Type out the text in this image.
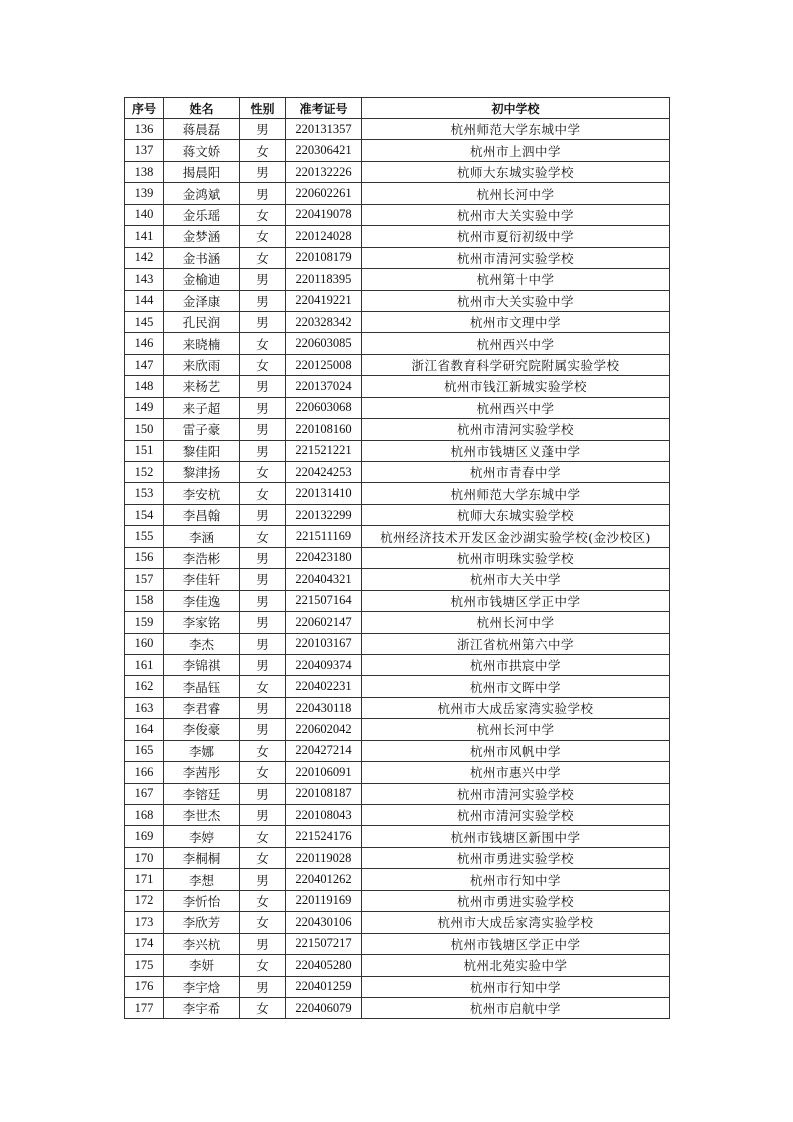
序号	姓名	性别	准考证号	初中学校
136	蒋晨磊	男	220131357	杭州师范大学东城中学
137	蒋文娇	女	220306421	杭州市上泗中学
138	揭晨阳	男	220132226	杭师大东城实验学校
139	金鸿斌	男	220602261	杭州长河中学
140	金乐瑶	女	220419078	杭州市大关实验中学
141	金梦涵	女	220124028	杭州市夏衍初级中学
142	金书涵	女	220108179	杭州市清河实验学校
143	金榆迪	男	220118395	杭州第十中学
144	金泽康	男	220419221	杭州市大关实验中学
145	孔民润	男	220328342	杭州市文理中学
146	来晓楠	女	220603085	杭州西兴中学
147	来欣雨	女	220125008	浙江省教育科学研究院附属实验学校
148	来杨艺	男	220137024	杭州市钱江新城实验学校
149	来子超	男	220603068	杭州西兴中学
150	雷子豪	男	220108160	杭州市清河实验学校
151	黎佳阳	男	221521221	杭州市钱塘区义蓬中学
152	黎津扬	女	220424253	杭州市青春中学
153	李安杭	女	220131410	杭州师范大学东城中学
154	李昌翰	男	220132299	杭师大东城实验学校
155	李涵	女	221511169	杭州经济技术开发区金沙湖实验学校(金沙校区)
156	李浩彬	男	220423180	杭州市明珠实验学校
157	李佳轩	男	220404321	杭州市大关中学
158	李佳逸	男	221507164	杭州市钱塘区学正中学
159	李家铭	男	220602147	杭州长河中学
160	李杰	男	220103167	浙江省杭州第六中学
161	李锦祺	男	220409374	杭州市拱宸中学
162	李晶钰	女	220402231	杭州市文晖中学
163	李君睿	男	220430118	杭州市大成岳家湾实验学校
164	李俊豪	男	220602042	杭州长河中学
165	李娜	女	220427214	杭州市风帆中学
166	李茜彤	女	220106091	杭州市惠兴中学
167	李镕廷	男	220108187	杭州市清河实验学校
168	李世杰	男	220108043	杭州市清河实验学校
169	李婷	女	221524176	杭州市钱塘区新围中学
170	李桐桐	女	220119028	杭州市勇进实验学校
171	李想	男	220401262	杭州市行知中学
172	李忻怡	女	220119169	杭州市勇进实验学校
173	李欣芳	女	220430106	杭州市大成岳家湾实验学校
174	李兴杭	男	221507217	杭州市钱塘区学正中学
175	李妍	女	220405280	杭州北苑实验中学
176	李宇焓	男	220401259	杭州市行知中学
177	李宇希	女	220406079	杭州市启航中学
